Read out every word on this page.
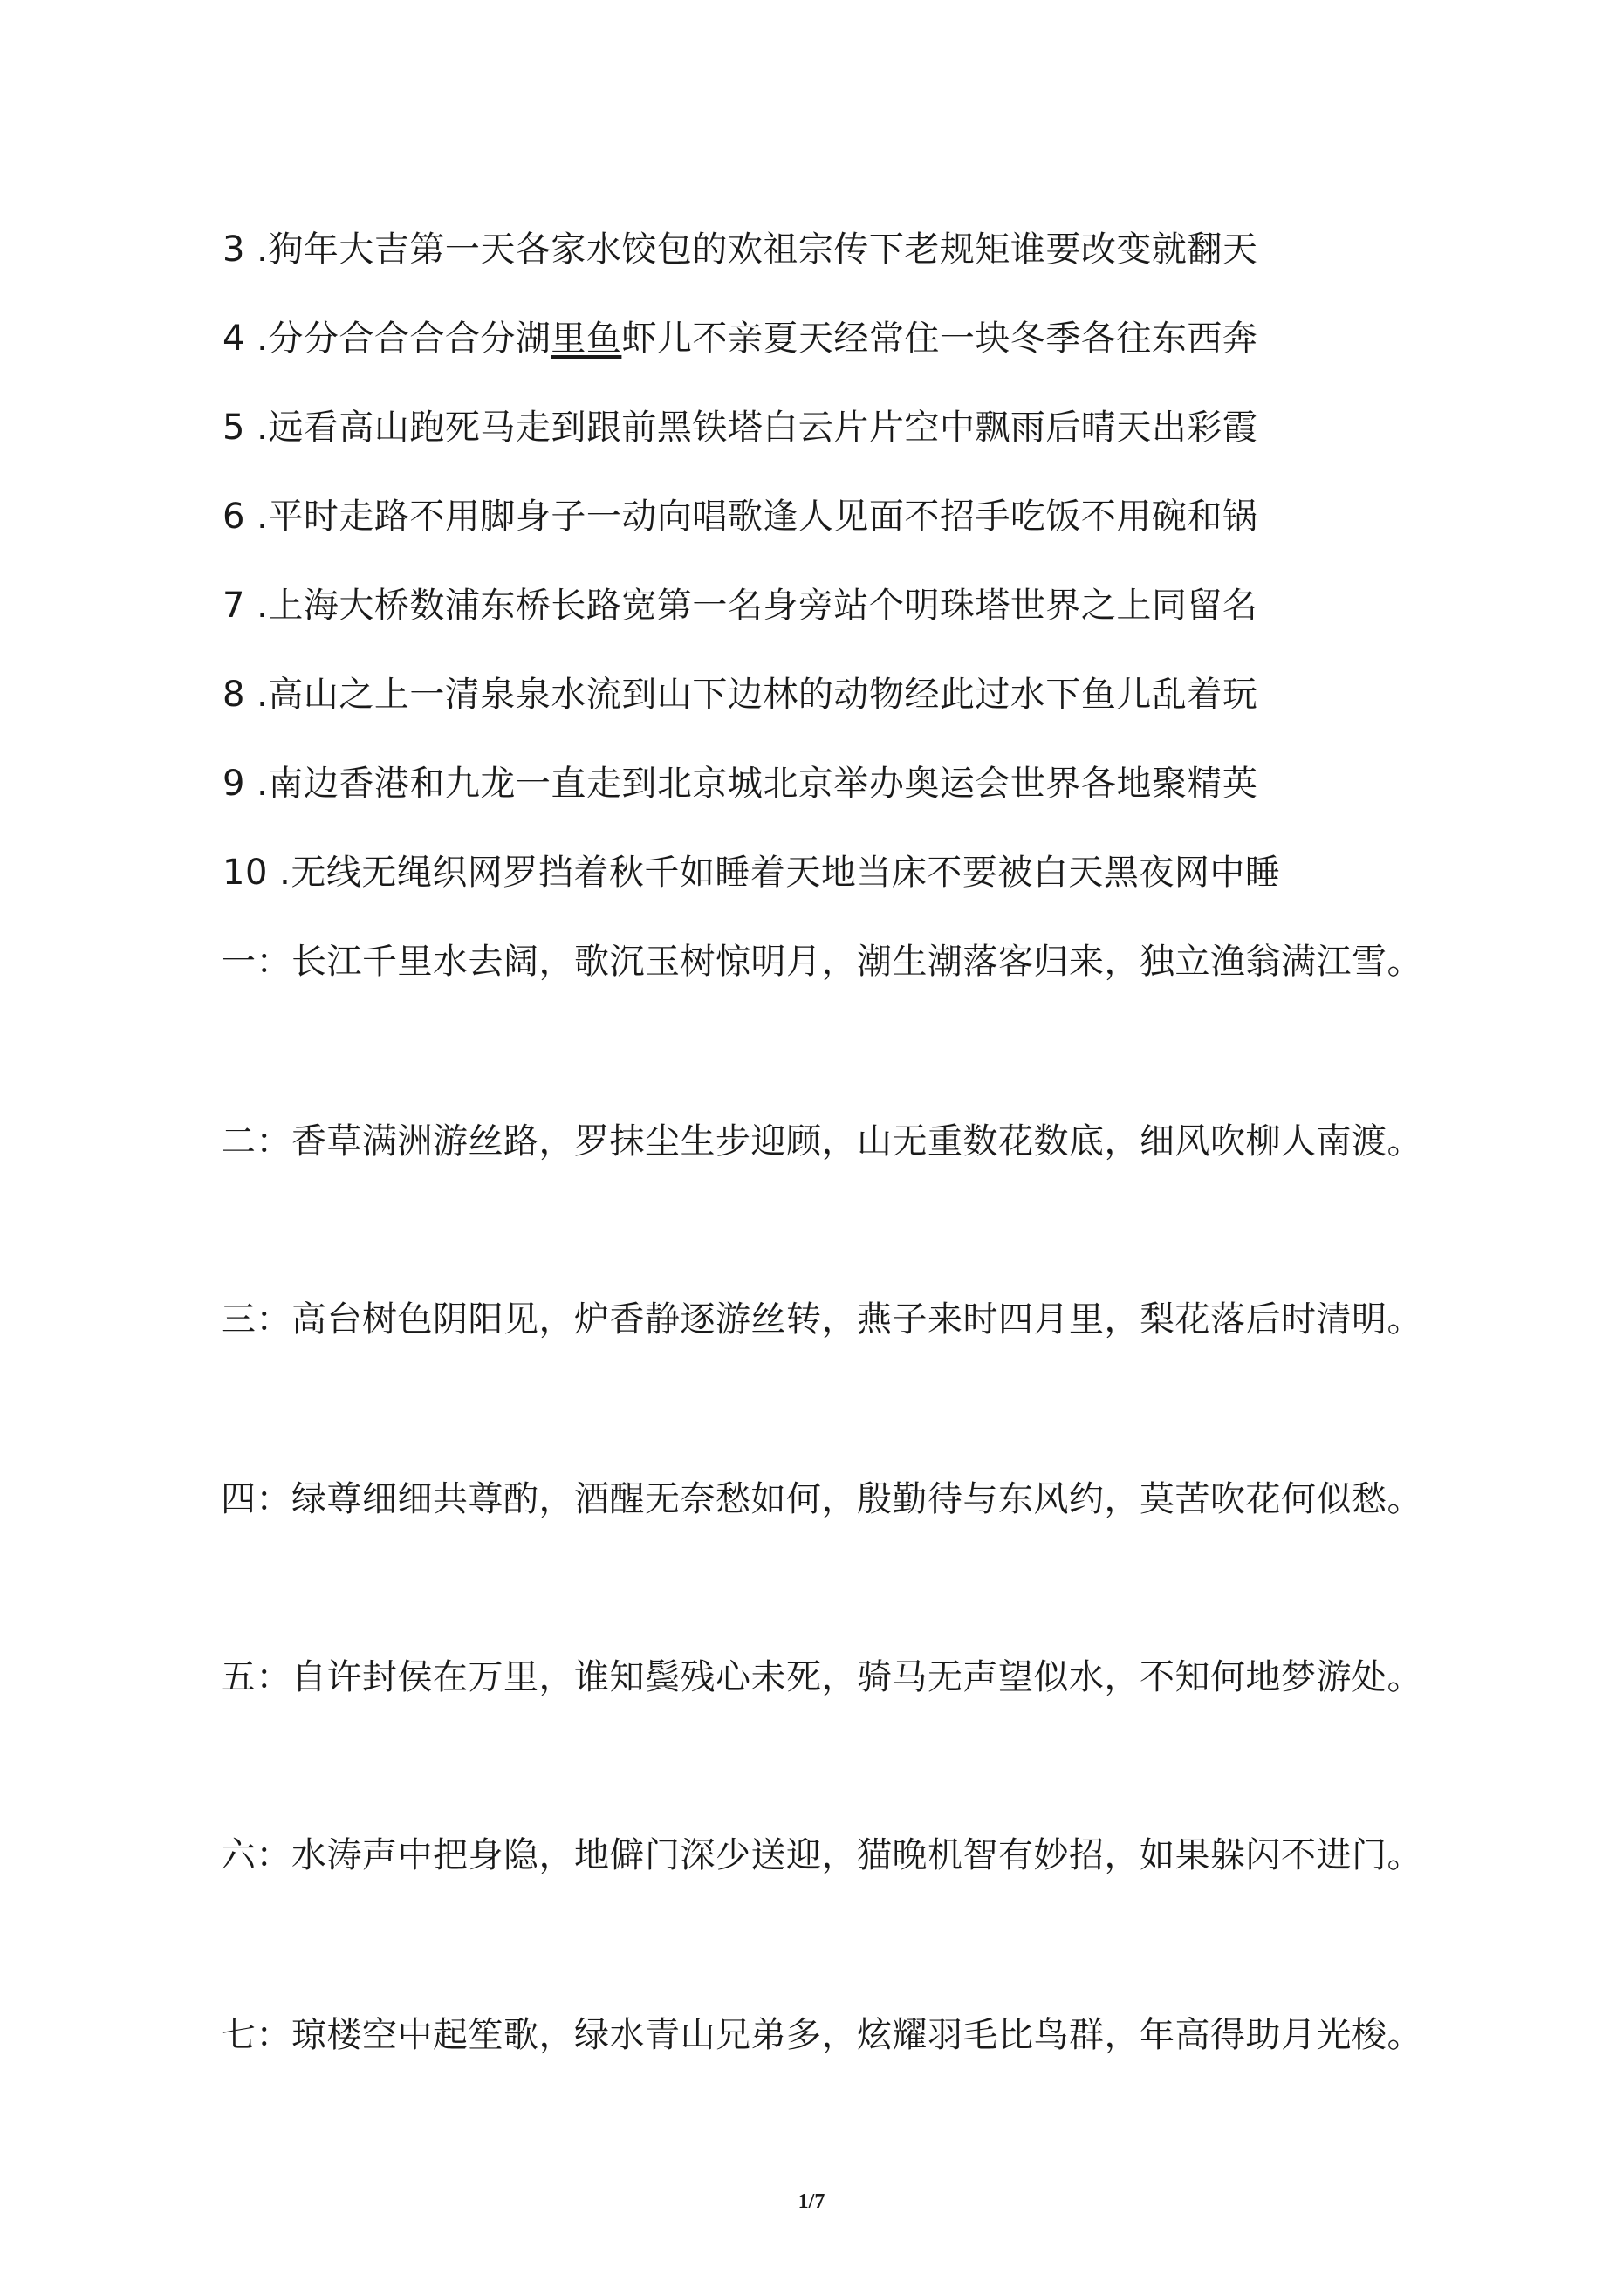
3 .狗年大吉第一天各家水饺包的欢祖宗传下老规矩谁要改变就翻天
4 .分分合合合合分湖里鱼虾儿不亲夏天经常住一块冬季各往东西奔
5 .远看高山跑死马走到跟前黑铁塔白云片片空中飘雨后晴天出彩霞
6 .平时走路不用脚身子一动向唱歌逢人见面不招手吃饭不用碗和锅
7 .上海大桥数浦东桥长路宽第一名身旁站个明珠塔世界之上同留名
8 .高山之上一清泉泉水流到山下边林的动物经此过水下鱼儿乱着玩
9 .南边香港和九龙一直走到北京城北京举办奥运会世界各地聚精英
10 .无线无绳织网罗挡着秋千如睡着天地当床不要被白天黑夜网中睡
一：长江千里水去阔，歌沉玉树惊明月，潮生潮落客归来，独立渔翁满江雪。
二：香草满洲游丝路，罗抹尘生步迎顾，山无重数花数底，细风吹柳人南渡。
三：高台树色阴阳见，炉香静逐游丝转，燕子来时四月里，梨花落后时清明。
四：绿尊细细共尊酌，酒醒无奈愁如何，殷勤待与东风约，莫苦吹花何似愁。
五：自许封侯在万里，谁知鬓残心未死，骑马无声望似水，不知何地梦游处。
六：水涛声中把身隐，地僻门深少送迎，猫晚机智有妙招，如果躲闪不进门。
七：琼楼空中起笙歌，绿水青山兄弟多，炫耀羽毛比鸟群，年高得助月光梭。
1/7
